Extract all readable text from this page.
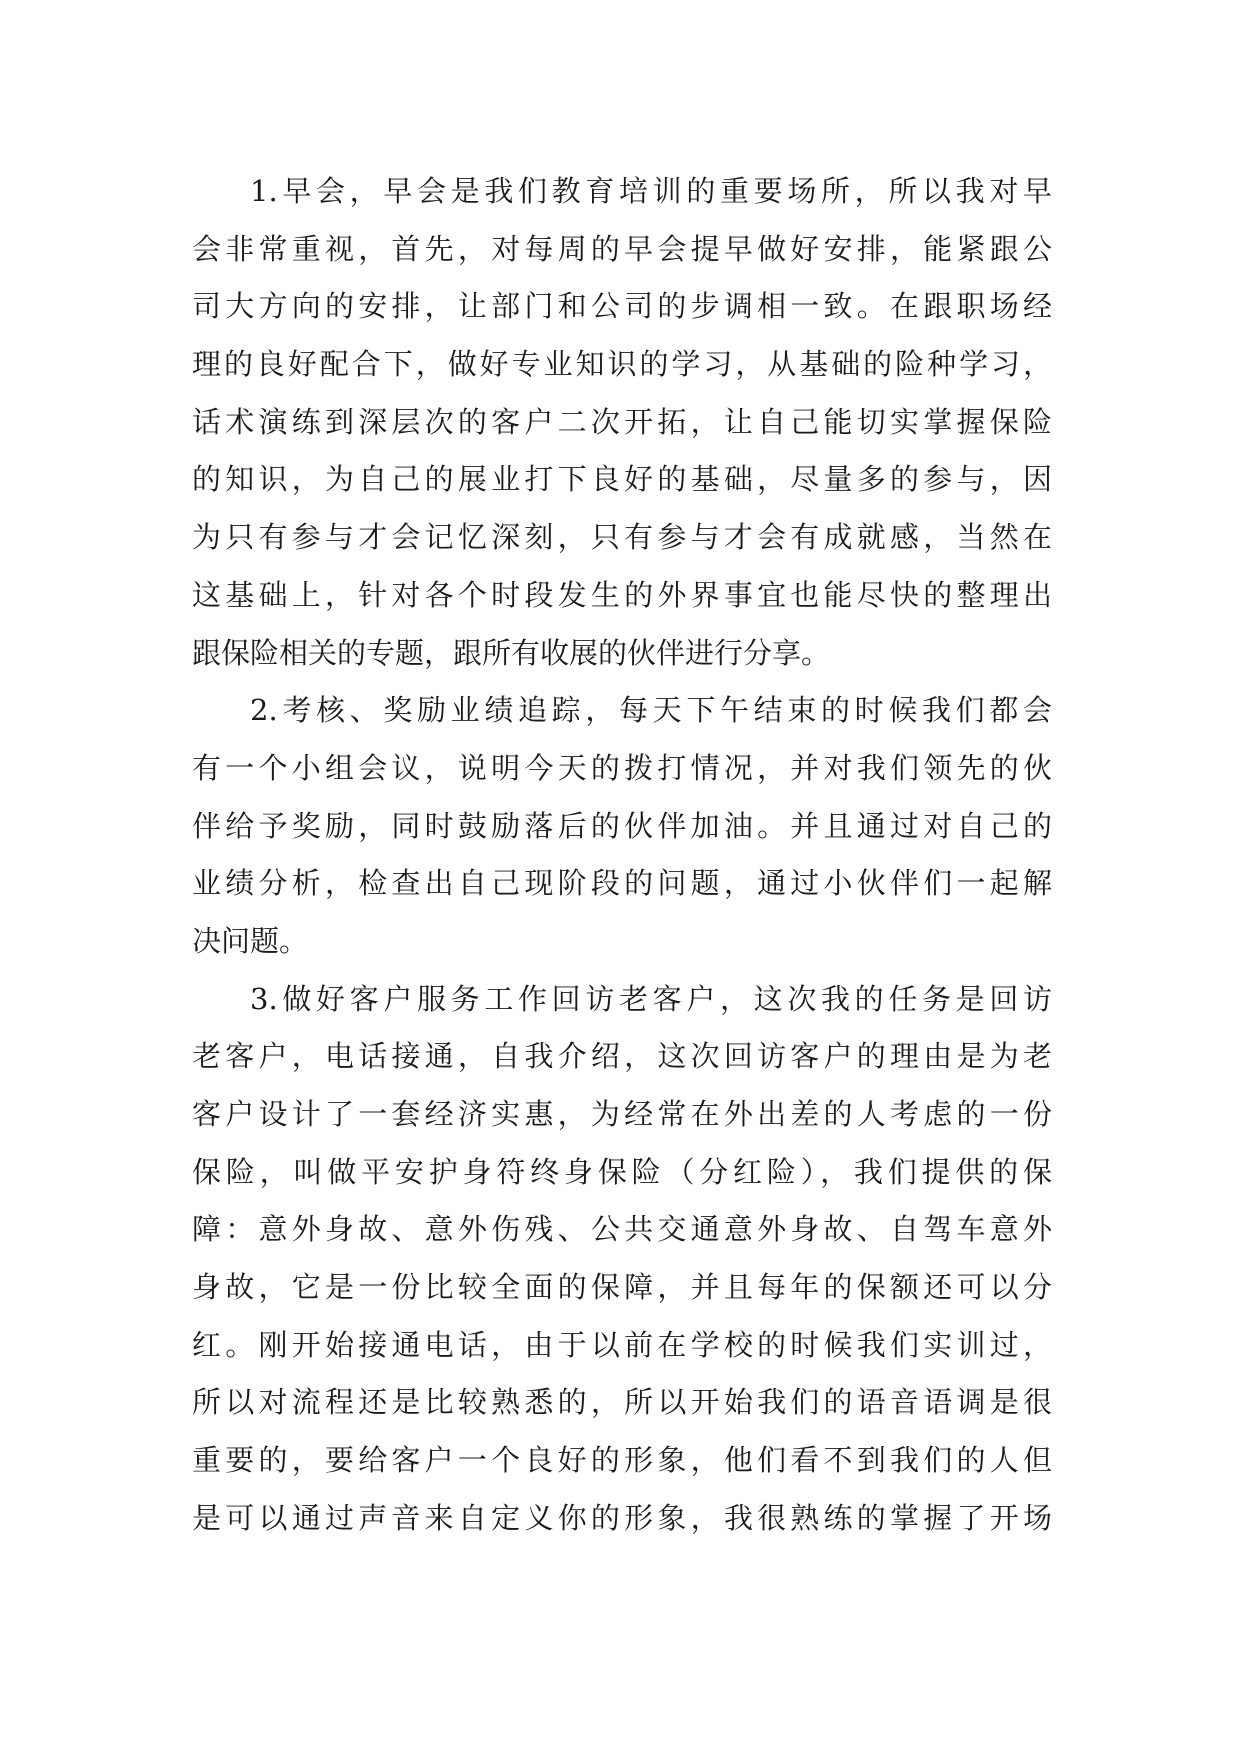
1.早会，早会是我们教育培训的重要场所，所以我对早
会非常重视，首先，对每周的早会提早做好安排，能紧跟公
司大方向的安排，让部门和公司的步调相一致。在跟职场经
理的良好配合下，做好专业知识的学习，从基础的险种学习，
话术演练到深层次的客户二次开拓，让自己能切实掌握保险
的知识，为自己的展业打下良好的基础，尽量多的参与，因
为只有参与才会记忆深刻，只有参与才会有成就感，当然在
这基础上，针对各个时段发生的外界事宜也能尽快的整理出
跟保险相关的专题，跟所有收展的伙伴进行分享。
2.考核、奖励业绩追踪，每天下午结束的时候我们都会
有一个小组会议，说明今天的拨打情况，并对我们领先的伙
伴给予奖励，同时鼓励落后的伙伴加油。并且通过对自己的
业绩分析，检查出自己现阶段的问题，通过小伙伴们一起解
决问题。
3.做好客户服务工作回访老客户，这次我的任务是回访
老客户，电话接通，自我介绍，这次回访客户的理由是为老
客户设计了一套经济实惠，为经常在外出差的人考虑的一份
保险，叫做平安护身符终身保险（分红险），我们提供的保
障：意外身故、意外伤残、公共交通意外身故、自驾车意外
身故，它是一份比较全面的保障，并且每年的保额还可以分
红。刚开始接通电话，由于以前在学校的时候我们实训过，
所以对流程还是比较熟悉的，所以开始我们的语音语调是很
重要的，要给客户一个良好的形象，他们看不到我们的人但
是可以通过声音来自定义你的形象，我很熟练的掌握了开场
